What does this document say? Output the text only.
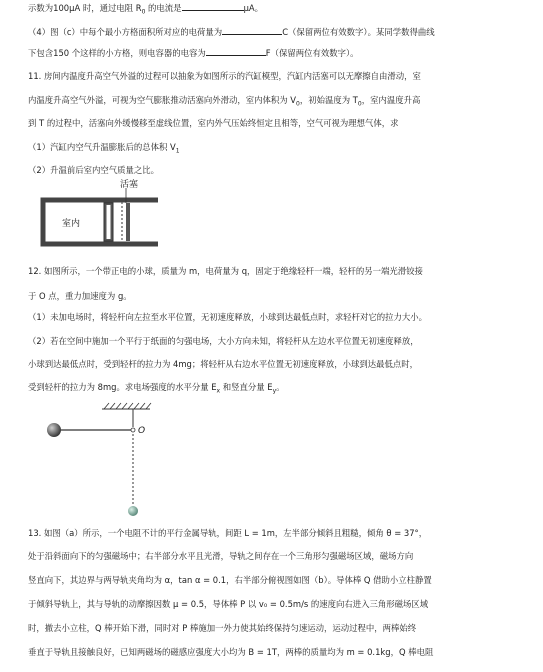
示数为100μA 时，通过电阻 $R_0$ 的电流是	μA。
（4）图（c）中每个最小方格面积所对应的电荷量为	C（保留两位有效数字）。某同学数得曲线
下包含150 个这样的小方格，则电容器的电容为	F（保留两位有效数字）。
11. 房间内温度升高空气外溢的过程可以抽象为如图所示的汽缸模型，汽缸内活塞可以无摩擦自由滑动，室
内温度升高空气外溢，可视为空气膨胀推动活塞向外滑动，室内体积为 $V_0$，初始温度为 $T_0$，室内温度升高
到 T 的过程中，活塞向外缓慢移至虚线位置，室内外气压始终恒定且相等，空气可视为理想气体，求
（1）汽缸内空气升温膨胀后的总体积 $V_1$
（2）升温前后室内空气质量之比。
活塞
室内
12. 如图所示，一个带正电的小球，质量为 m，电荷量为 q，固定于绝缘轻杆一端，轻杆的另一端光滑铰接
于 O 点，重力加速度为 g。
（1）未加电场时，将轻杆向左拉至水平位置，无初速度释放，小球到达最低点时，求轻杆对它的拉力大小。
（2）若在空间中施加一个平行于纸面的匀强电场，大小方向未知，将轻杆从左边水平位置无初速度释放，
小球到达最低点时，受到轻杆的拉力为 4mg；将轻杆从右边水平位置无初速度释放，小球到达最低点时，
受到轻杆的拉力为 8mg。求电场强度的水平分量 $E_x$ 和竖直分量 $E_y$。
O
13. 如图（a）所示，一个电阻不计的平行金属导轨，间距 L = 1m，左半部分倾斜且粗糙，倾角 θ = 37°，
处于沿斜面向下的匀强磁场中；右半部分水平且光滑，导轨之间存在一个三角形匀强磁场区域，磁场方向
竖直向下，其边界与两导轨夹角均为 α，tan α = 0.1，右半部分俯视图如图（b）。导体棒 Q 借助小立柱静置
于倾斜导轨上，其与导轨的动摩擦因数 μ = 0.5，导体棒 P 以 v₀ = 0.5m/s 的速度向右进入三角形磁场区域
时，撤去小立柱，Q 棒开始下滑，同时对 P 棒施加一外力使其始终保持匀速运动，运动过程中，两棒始终
垂直于导轨且接触良好，已知两磁场的磁感应强度大小均为 B = 1T，两棒的质量均为 m = 0.1kg，Q 棒电阻
